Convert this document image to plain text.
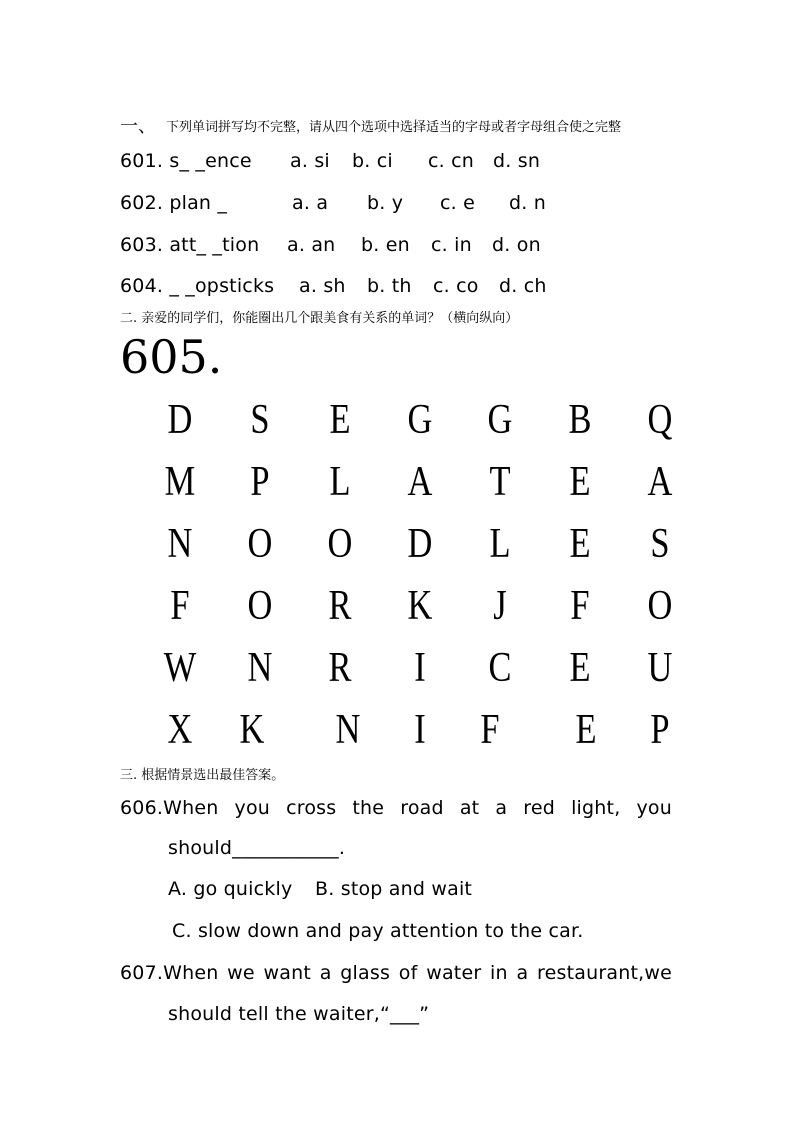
一、 下列单词拼写均不完整，请从四个选项中选择适当的字母或者字母组合使之完整
601. s_ _ence a. si b. ci c. cn d. sn
602. plan _	a. a b. y c. e d. n
603. att_ _tion a. an b. en c. in d. on
604. _ _opsticks a. sh b. th c. co d. ch
二. 亲爱的同学们，你能圈出几个跟美食有关系的单词？（横向纵向）
605.
D S E G G B Q
M P L A T E A
N O O D L E S
F O R K J F O
W N R I C E U
X K N I F E P
三. 根据情景选出最佳答案。
606.When you cross the road at a red light, you
should___________.
A. go quickly B. stop and wait
C. slow down and pay attention to the car.
607.When we want a glass of water in a restaurant,we
should tell the waiter,“___”
